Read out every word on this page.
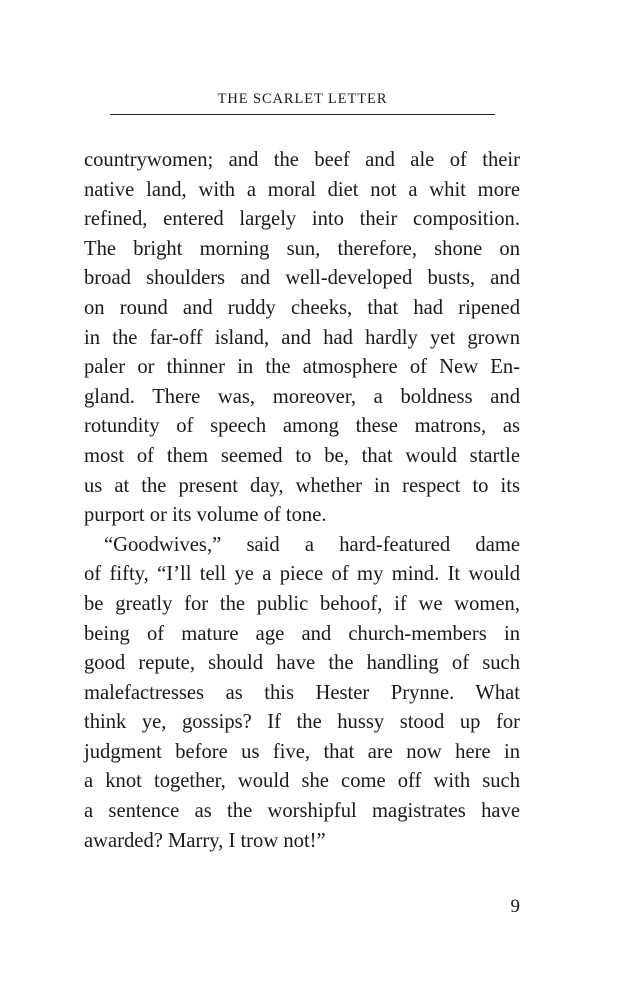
THE SCARLET LETTER
countrywomen; and the beef and ale of their
native land, with a moral diet not a whit more
refined, entered largely into their composition.
The bright morning sun, therefore, shone on
broad shoulders and well-developed busts, and
on round and ruddy cheeks, that had ripened
in the far-off island, and had hardly yet grown
paler or thinner in the atmosphere of New En-
gland. There was, moreover, a boldness and
rotundity of speech among these matrons, as
most of them seemed to be, that would startle
us at the present day, whether in respect to its
purport or its volume of tone.
“Goodwives,” said a hard-featured dame
of fifty, “I’ll tell ye a piece of my mind. It would
be greatly for the public behoof, if we women,
being of mature age and church-members in
good repute, should have the handling of such
malefactresses as this Hester Prynne. What
think ye, gossips? If the hussy stood up for
judgment before us five, that are now here in
a knot together, would she come off with such
a sentence as the worshipful magistrates have
awarded? Marry, I trow not!”
9
